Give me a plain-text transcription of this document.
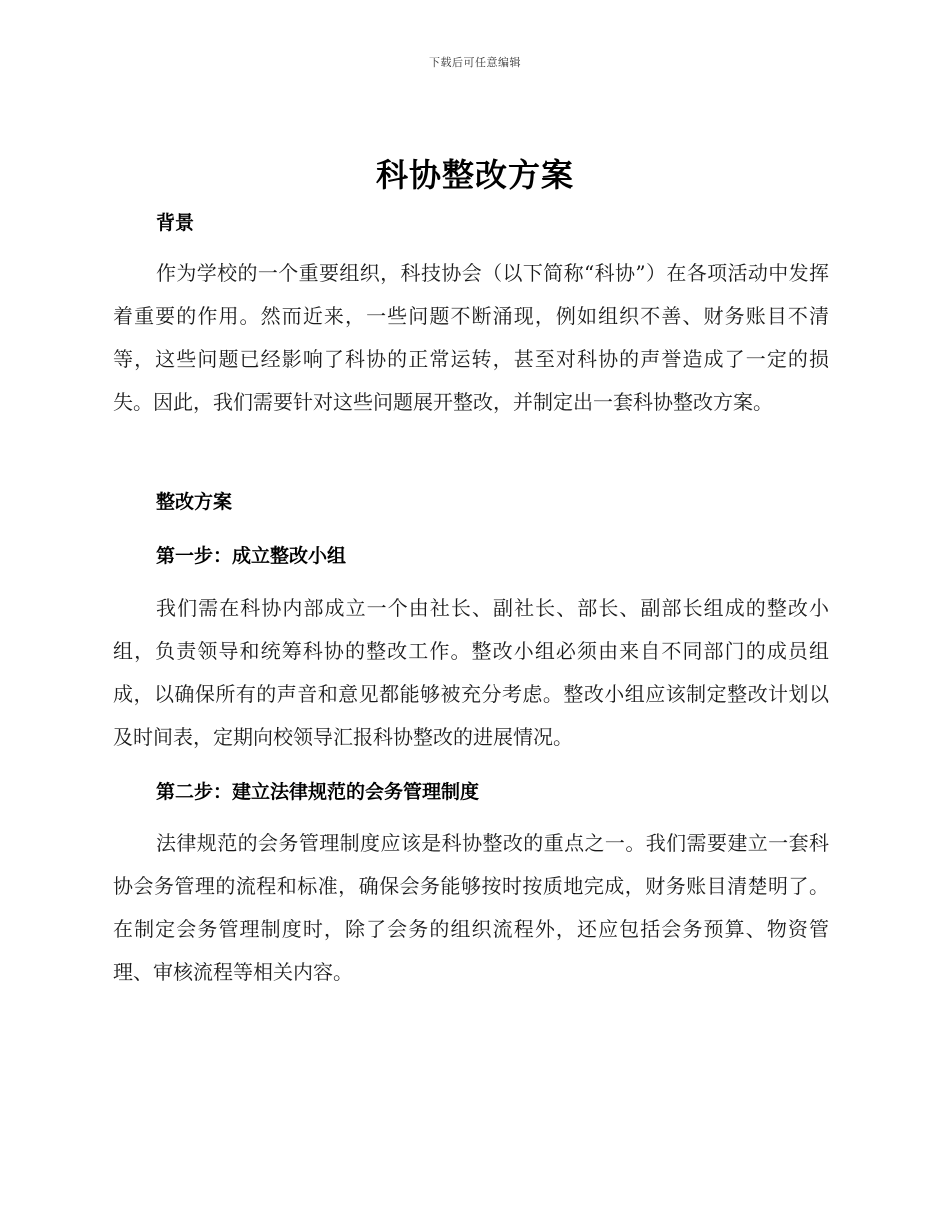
下载后可任意编辑
科协整改方案
背景
作为学校的一个重要组织，科技协会（以下简称“科协”）在各项活动中发挥着重要的作用。然而近来，一些问题不断涌现，例如组织不善、财务账目不清等，这些问题已经影响了科协的正常运转，甚至对科协的声誉造成了一定的损失。因此，我们需要针对这些问题展开整改，并制定出一套科协整改方案。
整改方案
第一步：成立整改小组
我们需在科协内部成立一个由社长、副社长、部长、副部长组成的整改小组，负责领导和统筹科协的整改工作。整改小组必须由来自不同部门的成员组成，以确保所有的声音和意见都能够被充分考虑。整改小组应该制定整改计划以及时间表，定期向校领导汇报科协整改的进展情况。
第二步：建立法律规范的会务管理制度
法律规范的会务管理制度应该是科协整改的重点之一。我们需要建立一套科协会务管理的流程和标准，确保会务能够按时按质地完成，财务账目清楚明了。在制定会务管理制度时，除了会务的组织流程外，还应包括会务预算、物资管理、审核流程等相关内容。
